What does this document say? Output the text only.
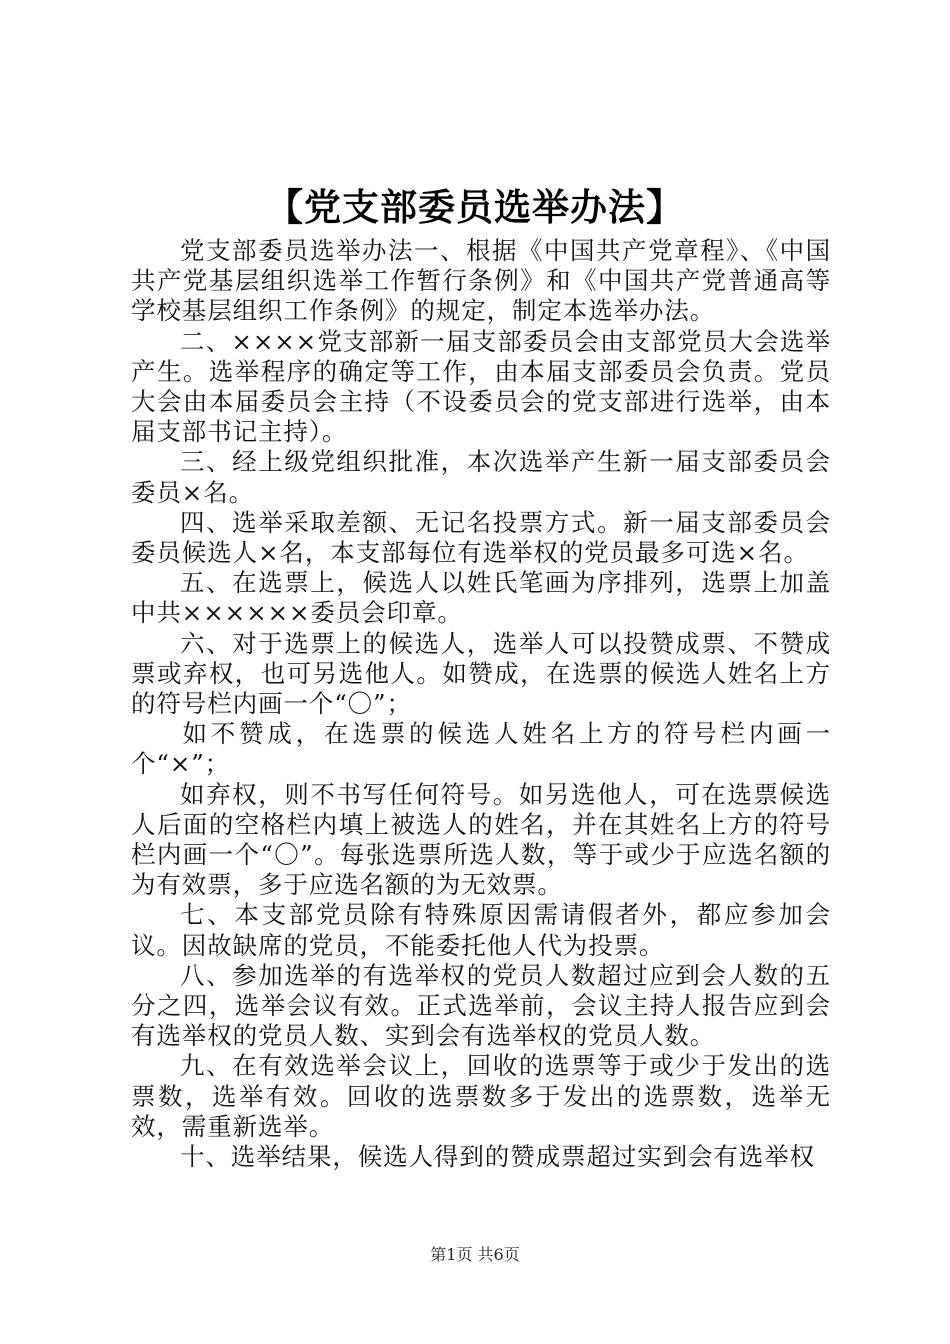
【党支部委员选举办法】

党支部委员选举办法一、根据《中国共产党章程》、《中国共产党基层组织选举工作暂行条例》和《中国共产党普通高等学校基层组织工作条例》的规定，制定本选举办法。

二、××××党支部新一届支部委员会由支部党员大会选举产生。选举程序的确定等工作，由本届支部委员会负责。党员大会由本届委员会主持（不设委员会的党支部进行选举，由本届支部书记主持）。

三、经上级党组织批准，本次选举产生新一届支部委员会委员×名。

四、选举采取差额、无记名投票方式。新一届支部委员会委员候选人×名，本支部每位有选举权的党员最多可选×名。

五、在选票上，候选人以姓氏笔画为序排列，选票上加盖中共××××××委员会印章。

六、对于选票上的候选人，选举人可以投赞成票、不赞成票或弃权，也可另选他人。如赞成，在选票的候选人姓名上方的符号栏内画一个“〇”；

如不赞成，在选票的候选人姓名上方的符号栏内画一个“×”；

如弃权，则不书写任何符号。如另选他人，可在选票候选人后面的空格栏内填上被选人的姓名，并在其姓名上方的符号栏内画一个“〇”。每张选票所选人数，等于或少于应选名额的为有效票，多于应选名额的为无效票。

七、本支部党员除有特殊原因需请假者外，都应参加会议。因故缺席的党员，不能委托他人代为投票。

八、参加选举的有选举权的党员人数超过应到会人数的五分之四，选举会议有效。正式选举前，会议主持人报告应到会有选举权的党员人数、实到会有选举权的党员人数。

九、在有效选举会议上，回收的选票等于或少于发出的选票数，选举有效。回收的选票数多于发出的选票数，选举无效，需重新选举。

十、选举结果，候选人得到的赞成票超过实到会有选举权

第1页 共6页
